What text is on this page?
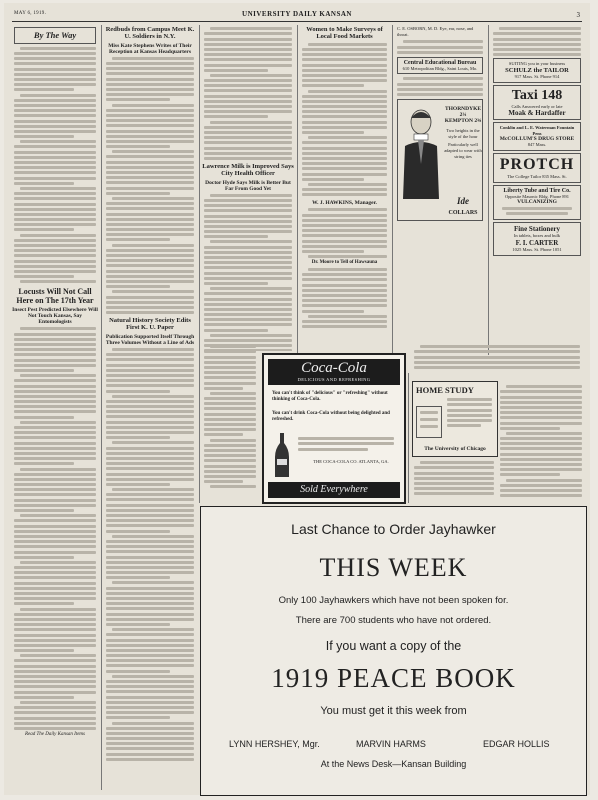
MAY 6, 1919.	UNIVERSITY DAILY KANSAN	3
By The Way
Locusts Will Not Call Here on The 17th Year
Insect Pest Predicted Elsewhere Will Not Touch Kansas, Say Entomologists
Read The Daily Kansan Items
Redbuds from Campus Meet K. U. Soldiers in N.Y.
Miss Kate Stephens Writes of Their Reception at Kansas Headquarters
Natural History Society Edits First K. U. Paper
Publication Supported Itself Through Three Volumes Without a Line of Ads
Lawrence Milk is Improved Says City Health Officer
Doctor Hyde Says Milk is Better But Far From Good Yet
Women to Make Surveys of Local Food Markets
W. J. HAWKINS, Manager.
Dr. Moore to Tell of Hawsauna
C. E. OSBORN, M. D. Eye, ear, nose, and throat.
Central Educational Bureau
610 Metropolitan Bldg., Saint Louis, Mo.
THORNDYKE 2¼
KEMPTON 2⅜
Two heights in the style of the hour
Particularly well adapted to wear with string ties
Ide
COLLARS
SUITING you in your business
SCHULZ the TAILOR
917 Mass. St. Phone 914
Taxi 148
Calls Answered early or late
Moak & Hardaffer
Conklin and L. E. Waterman Fountain Pens
McCOLLUM'S DRUG STORE
847 Mass.
PROTCH
The College Tailor 835 Mass. St.
Liberty Tube and Tire Co.
Opposite Masonic Bldg. Phone 891
VULCANIZING
Fine Stationery
In tablets, boxes and bulk
F. I. CARTER
1025 Mass. St. Phone 1051
Coca-Cola
DELICIOUS AND REFRESHING
You can't think of "delicious" or "refreshing" without thinking of Coca-Cola.
You can't drink Coca-Cola without being delighted and refreshed.
THE COCA-COLA CO. ATLANTA, GA.
Sold Everywhere
HOME STUDY
The University of Chicago
Last Chance to Order Jayhawker
THIS WEEK
Only 100 Jayhawkers which have not been spoken for.
There are 700 students who have not ordered.
If you want a copy of the
1919 PEACE BOOK
You must get it this week from
LYNN HERSHEY, Mgr.	MARVIN HARMS	EDGAR HOLLIS
At the News Desk—Kansan Building
